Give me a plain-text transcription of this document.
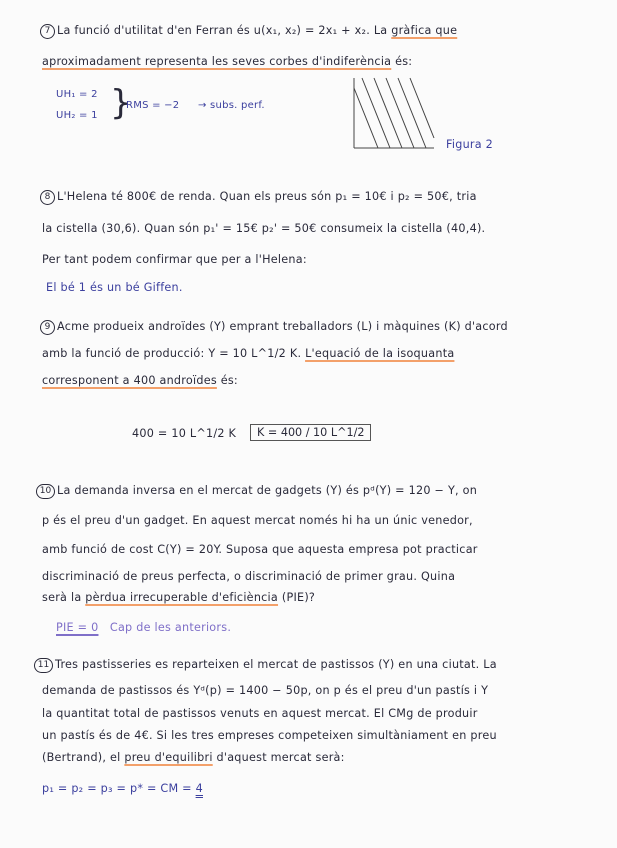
7 La funció d'utilitat d'en Ferran és u(x₁, x₂) = 2x₁ + x₂. La gràfica que
aproximadament representa les seves corbes d'indiferència és:
UH₁ = 2
UH₂ = 1 }
RMS = −2 → subs. perf.
Figura 2
8 L'Helena té 800€ de renda. Quan els preus són p₁ = 10€ i p₂ = 50€, tria
la cistella (30,6). Quan són p₁' = 15€ p₂' = 50€ consumeix la cistella (40,4).
Per tant podem confirmar que per a l'Helena:
El bé 1 és un bé Giffen.
9 Acme produeix androïdes (Y) emprant treballadors (L) i màquines (K) d'acord
amb la funció de producció: Y = 10 L^1/2 K. L'equació de la isoquanta
corresponent a 400 androïdes és:
400 = 10 L^1/2 K	K = 400 / 10 L^1/2
10 La demanda inversa en el mercat de gadgets (Y) és pᵈ(Y) = 120 − Y, on
p és el preu d'un gadget. En aquest mercat només hi ha un únic venedor,
amb funció de cost C(Y) = 20Y. Suposa que aquesta empresa pot practicar
discriminació de preus perfecta, o discriminació de primer grau. Quina
serà la pèrdua irrecuperable d'eficiència (PIE)?
PIE = 0 Cap de les anteriors.
11 Tres pastisseries es reparteixen el mercat de pastissos (Y) en una ciutat. La
demanda de pastissos és Yᵈ(p) = 1400 − 50p, on p és el preu d'un pastís i Y
la quantitat total de pastissos venuts en aquest mercat. El CMg de produir
un pastís és de 4€. Si les tres empreses competeixen simultàniament en preu
(Bertrand), el preu d'equilibri d'aquest mercat serà:
p₁ = p₂ = p₃ = p* = CM = 4
